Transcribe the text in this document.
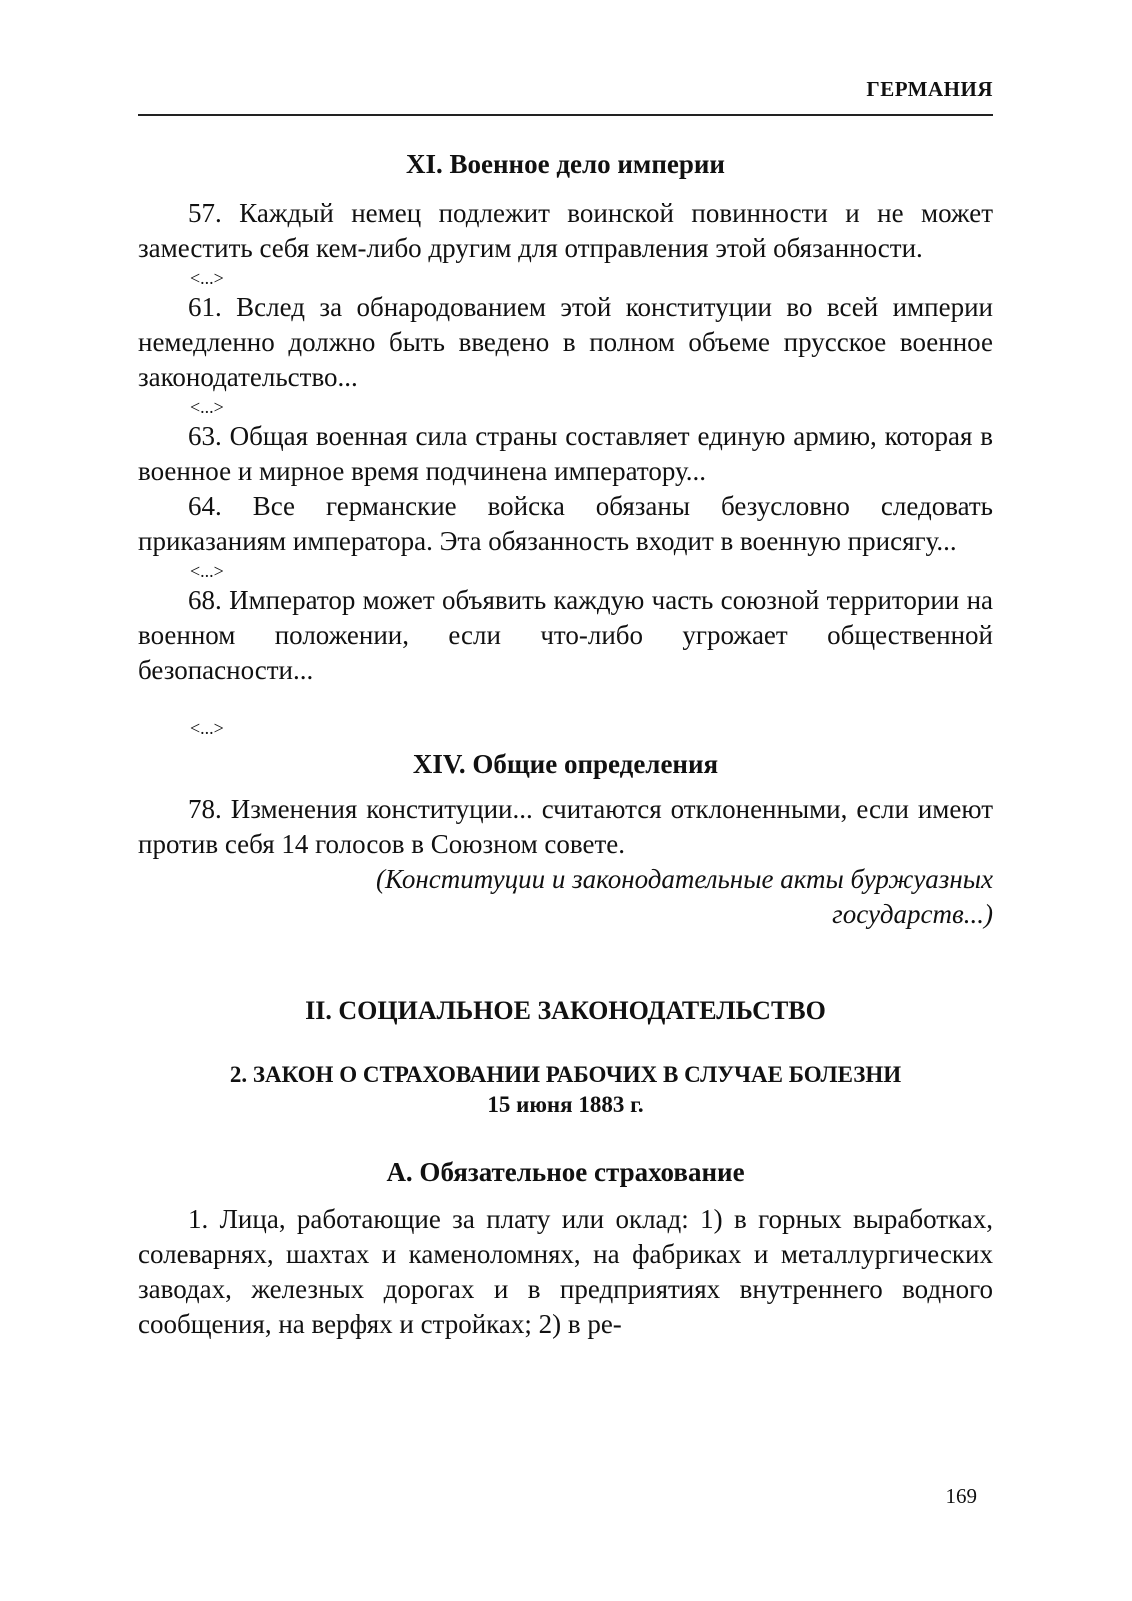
ГЕРМАНИЯ
XI. Военное дело империи

57. Каждый немец подлежит воинской повинности и не может заместить себя кем-либо другим для отправления этой обязанности.

<...>

61. Вслед за обнародованием этой конституции во всей империи немедленно должно быть введено в полном объеме прусское военное законодательство...

<...>

63. Общая военная сила страны составляет единую армию, которая в военное и мирное время подчинена императору...

64. Все германские войска обязаны безусловно следовать приказаниям императора. Эта обязанность входит в военную присягу...

<...>

68. Император может объявить каждую часть союзной территории на военном положении, если что-либо угрожает общественной безопасности...

<...>

XIV. Общие определения

78. Изменения конституции... считаются отклоненными, если имеют против себя 14 голосов в Союзном совете.

(Конституции и законодательные акты буржуазных государств...)

II. СОЦИАЛЬНОЕ ЗАКОНОДАТЕЛЬСТВО
2. ЗАКОН О СТРАХОВАНИИ РАБОЧИХ В СЛУЧАЕ БОЛЕЗНИ
15 июня 1883 г.
А. Обязательное страхование

1. Лица, работающие за плату или оклад: 1) в горных выработках, солеварнях, шахтах и каменоломнях, на фабриках и металлургических заводах, железных дорогах и в предприятиях внутреннего водного сообщения, на верфях и стройках; 2) в ре-

169
